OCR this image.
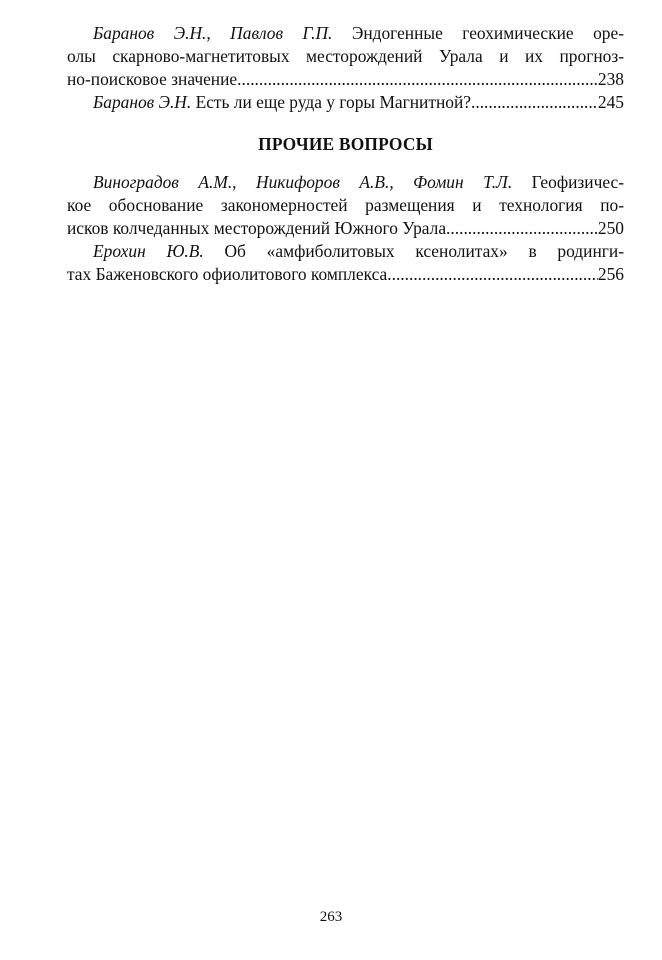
Баранов Э.Н., Павлов Г.П. Эндогенные геохимические оре-
олы скарново-магнетитовых месторождений Урала и их прогноз-
но-поисковое значение .....	238
Баранов Э.Н. Есть ли еще руда у горы Магнитной? .....	245
ПРОЧИЕ ВОПРОСЫ
Виноградов А.М., Никифоров А.В., Фомин Т.Л. Геофизичес-
кое обоснование закономерностей размещения и технология по-
исков колчеданных месторождений Южного Урала .....	250
Ерохин Ю.В. Об «амфиболитовых ксенолитах» в родинги-
тах Баженовского офиолитового комплекса .....	256
263
